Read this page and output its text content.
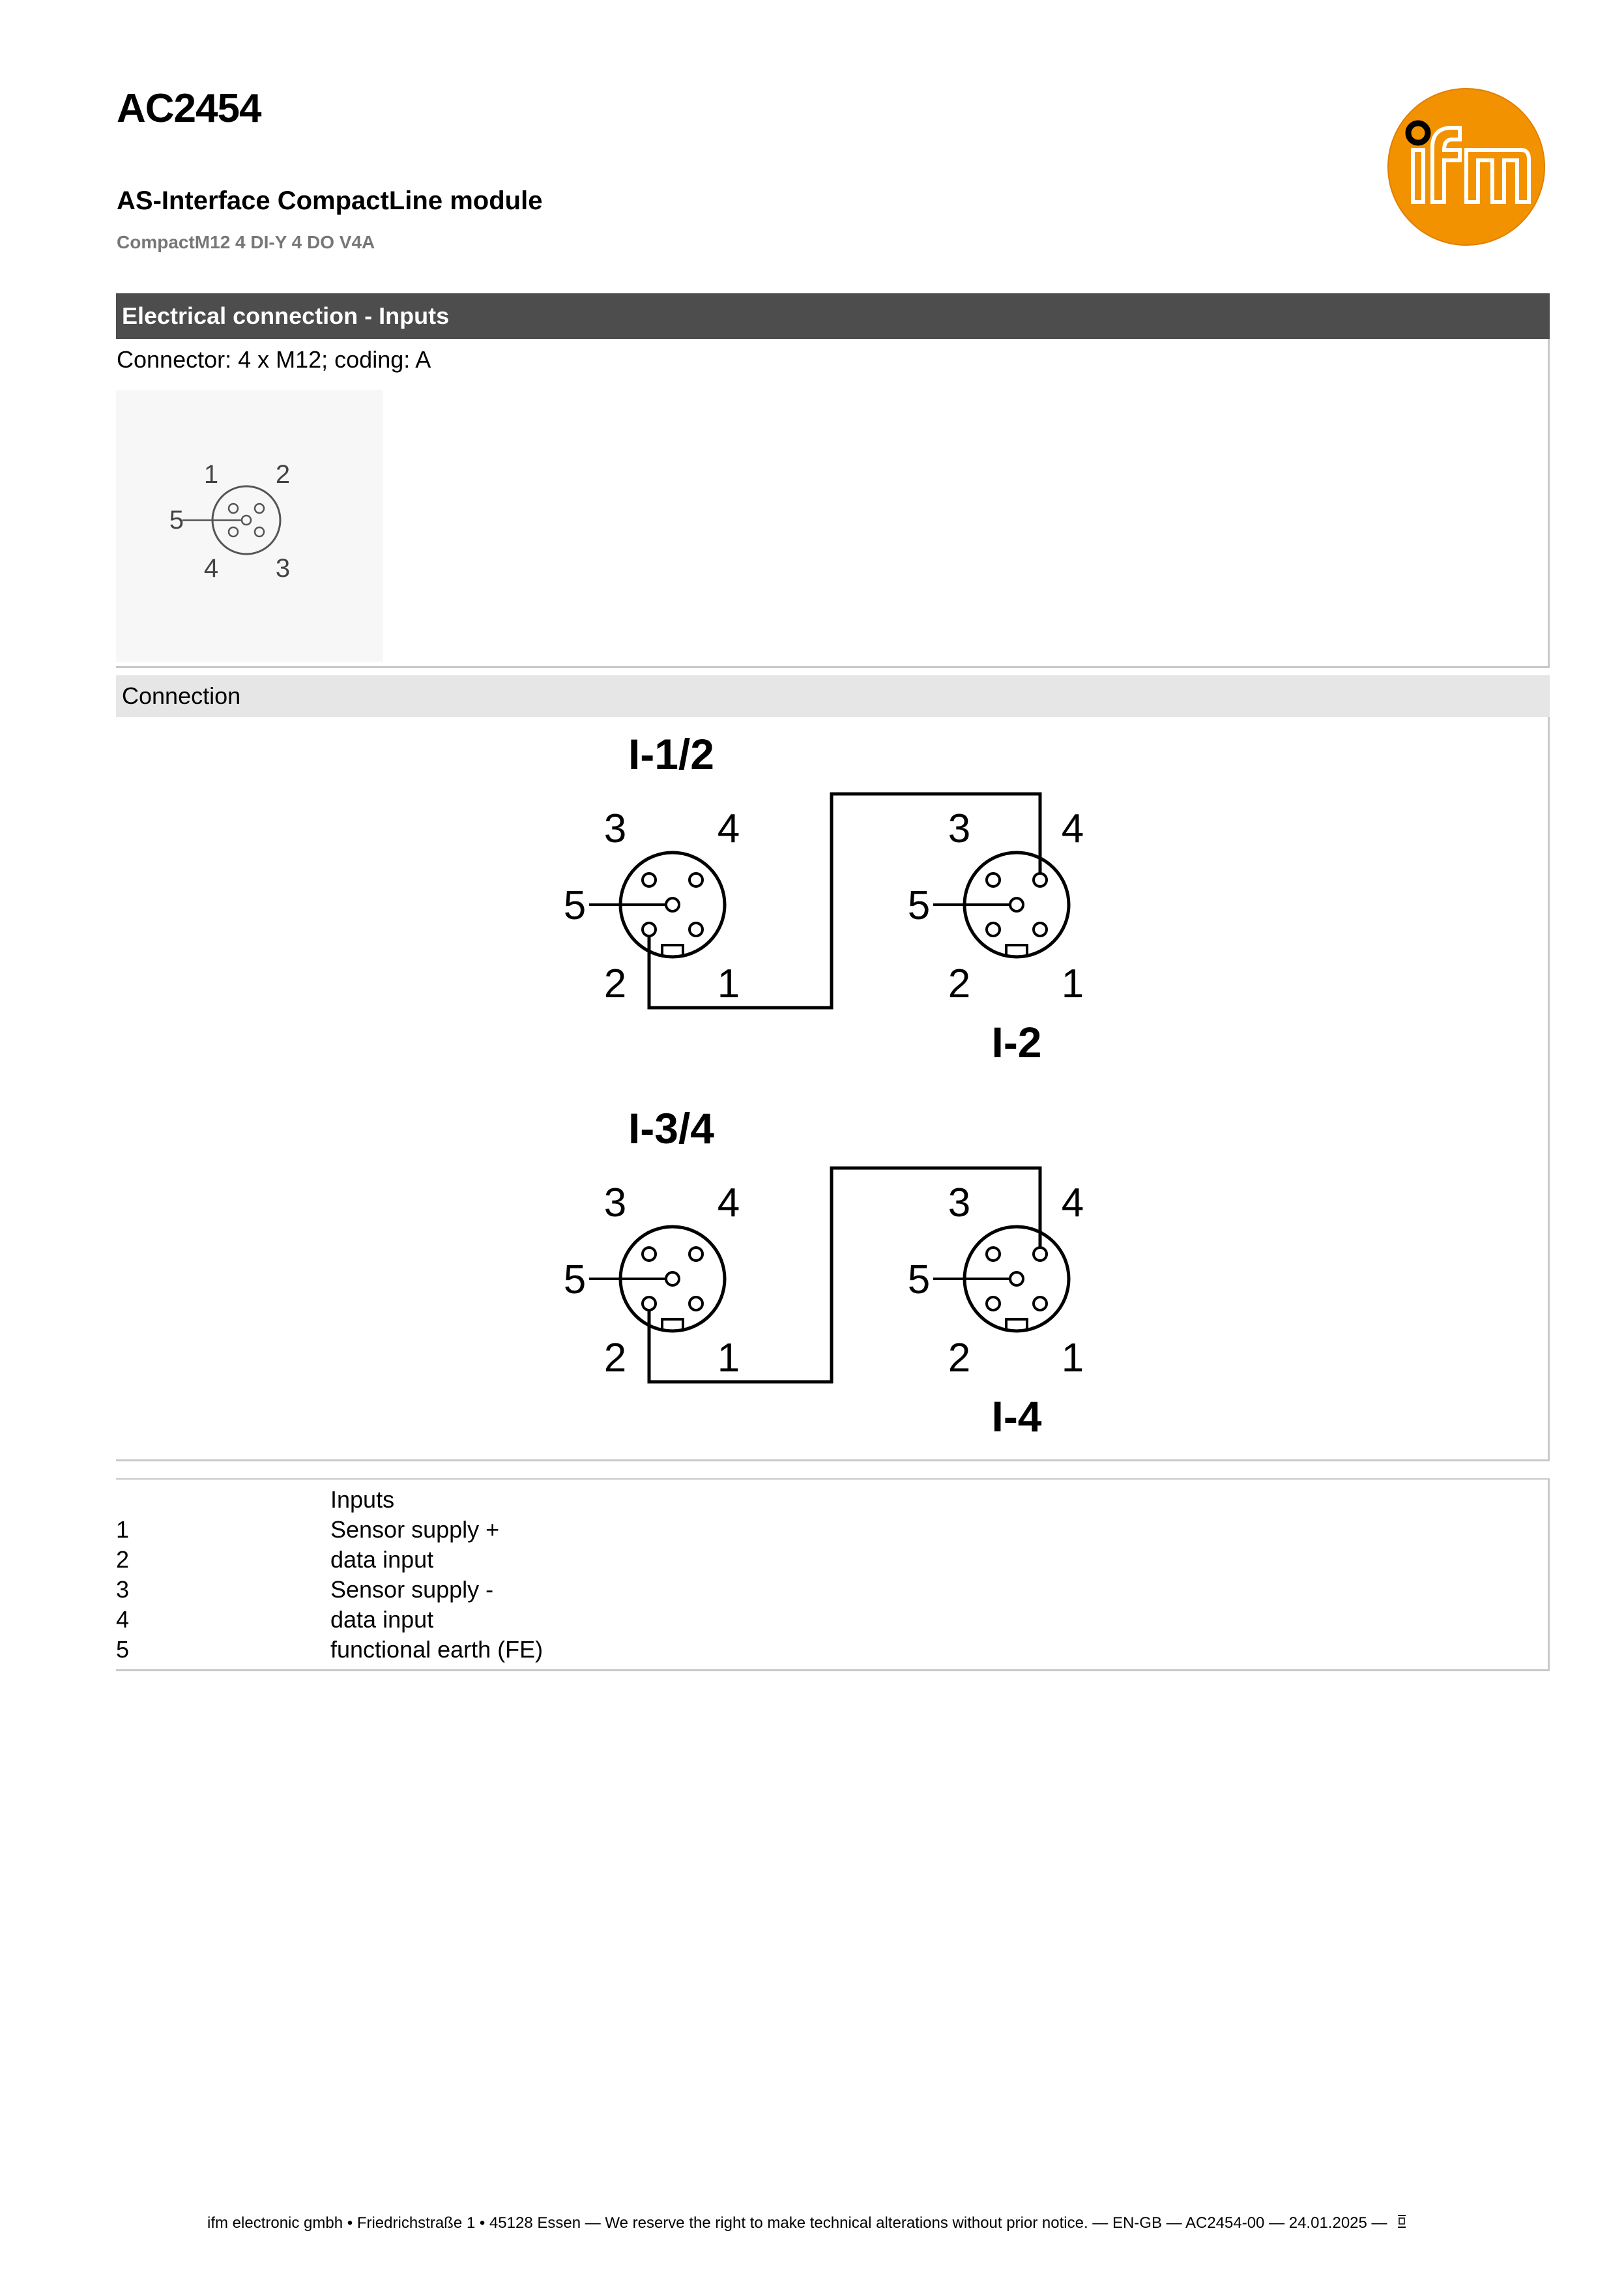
AC2454
AS-Interface CompactLine module
CompactM12 4 DI-Y 4 DO V4A
Electrical connection - Inputs
Connector: 4 x M12; coding: A
1 2
5
4 3
Connection
I-1/2
3 4
5
2 1
3 4
5
2 1
I-2
I-3/4
3 4
5
2 1
3 4
5
2 1
I-4
Inputs
1	Sensor supply +
2	data input
3	Sensor supply -
4	data input
5	functional earth (FE)
ifm electronic gmbh • Friedrichstraße 1 • 45128 Essen — We reserve the right to make technical alterations without prior notice. — EN-GB — AC2454-00 — 24.01.2025 —
